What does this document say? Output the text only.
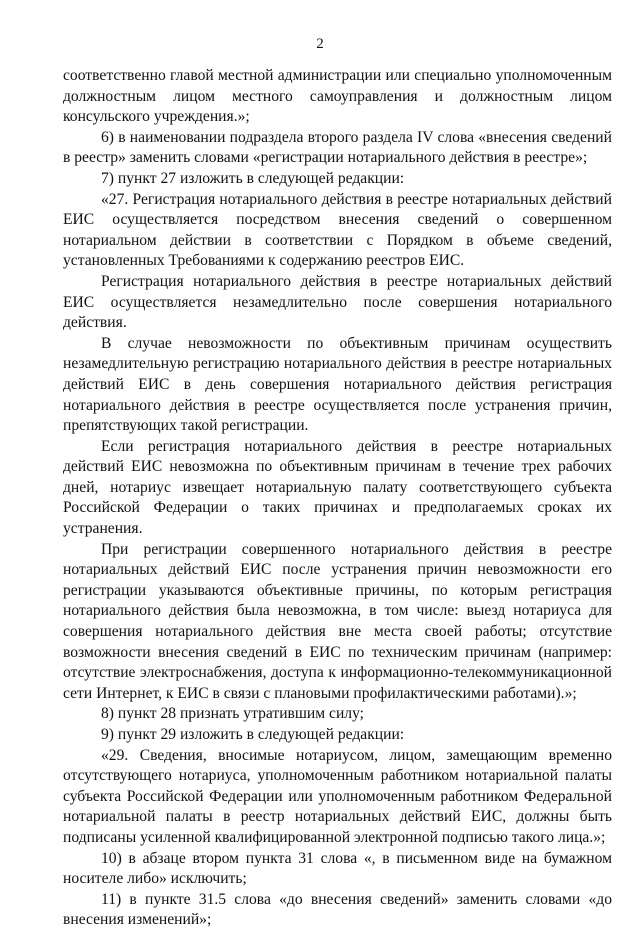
2

соответственно главой местной администрации или специально уполномоченным должностным лицом местного самоуправления и должностным лицом консульского учреждения.»;

6) в наименовании подраздела второго раздела IV слова «внесения сведений в реестр» заменить словами «регистрации нотариального действия в реестре»;

7) пункт 27 изложить в следующей редакции:

«27. Регистрация нотариального действия в реестре нотариальных действий ЕИС осуществляется посредством внесения сведений о совершенном нотариальном действии в соответствии с Порядком в объеме сведений, установленных Требованиями к содержанию реестров ЕИС.

Регистрация нотариального действия в реестре нотариальных действий ЕИС осуществляется незамедлительно после совершения нотариального действия.

В случае невозможности по объективным причинам осуществить незамедлительную регистрацию нотариального действия в реестре нотариальных действий ЕИС в день совершения нотариального действия регистрация нотариального действия в реестре осуществляется после устранения причин, препятствующих такой регистрации.

Если регистрация нотариального действия в реестре нотариальных действий ЕИС невозможна по объективным причинам в течение трех рабочих дней, нотариус извещает нотариальную палату соответствующего субъекта Российской Федерации о таких причинах и предполагаемых сроках их устранения.

При регистрации совершенного нотариального действия в реестре нотариальных действий ЕИС после устранения причин невозможности его регистрации указываются объективные причины, по которым регистрация нотариального действия была невозможна, в том числе: выезд нотариуса для совершения нотариального действия вне места своей работы; отсутствие возможности внесения сведений в ЕИС по техническим причинам (например: отсутствие электроснабжения, доступа к информационно-телекоммуникационной сети Интернет, к ЕИС в связи с плановыми профилактическими работами).»;

8) пункт 28 признать утратившим силу;

9) пункт 29 изложить в следующей редакции:

«29. Сведения, вносимые нотариусом, лицом, замещающим временно отсутствующего нотариуса, уполномоченным работником нотариальной палаты субъекта Российской Федерации или уполномоченным работником Федеральной нотариальной палаты в реестр нотариальных действий ЕИС, должны быть подписаны усиленной квалифицированной электронной подписью такого лица.»;

10) в абзаце втором пункта 31 слова «, в письменном виде на бумажном носителе либо» исключить;

11) в пункте 31.5 слова «до внесения сведений» заменить словами «до внесения изменений»;
